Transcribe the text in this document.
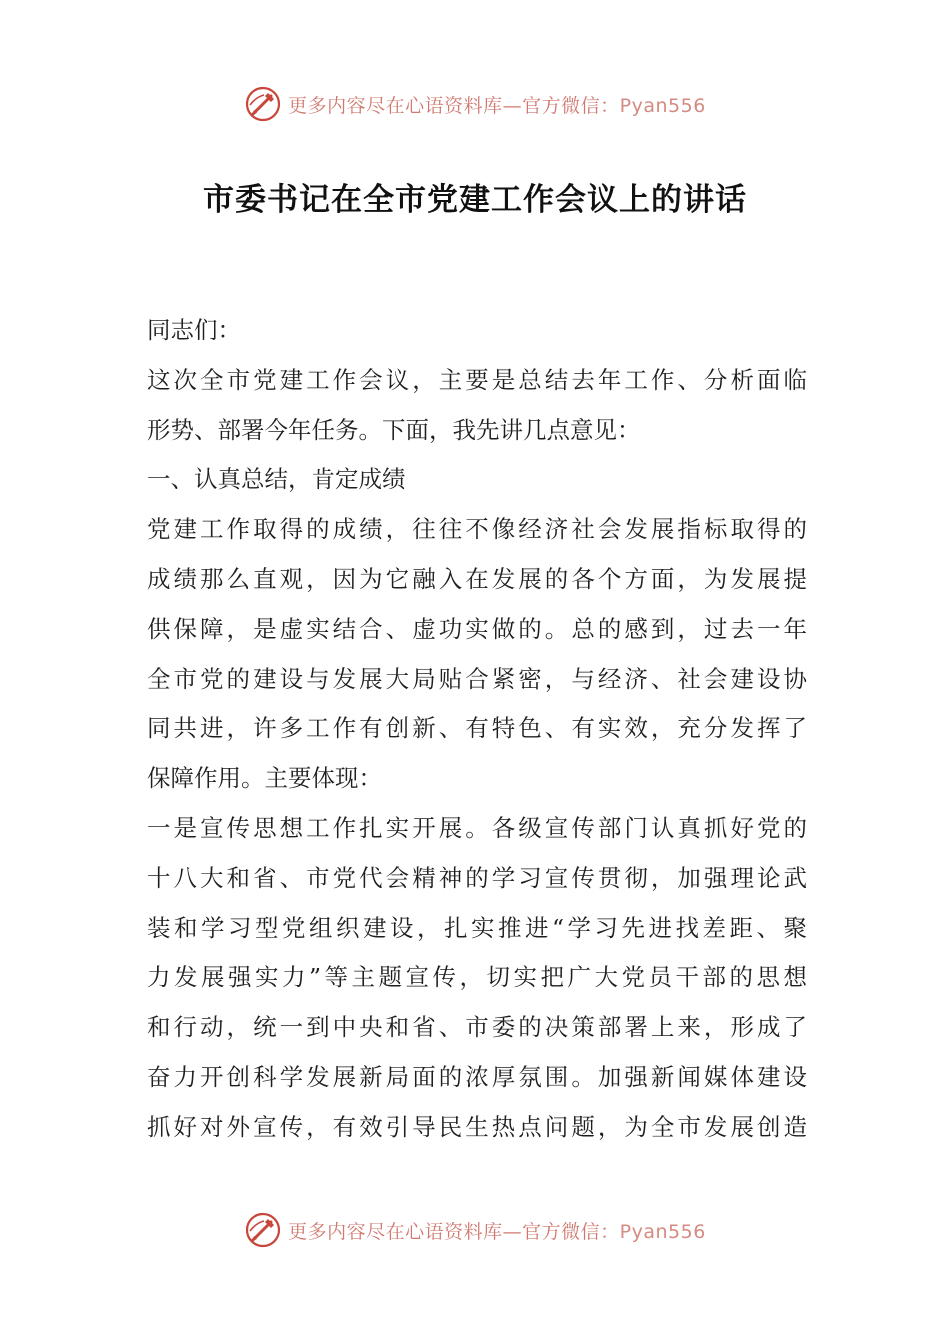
更多内容尽在心语资料库—官方微信：Pyan556
市委书记在全市党建工作会议上的讲话
同志们：
这次全市党建工作会议，主要是总结去年工作、分析面临
形势、部署今年任务。下面，我先讲几点意见：
一、认真总结，肯定成绩
党建工作取得的成绩，往往不像经济社会发展指标取得的
成绩那么直观，因为它融入在发展的各个方面，为发展提
供保障，是虚实结合、虚功实做的。总的感到，过去一年
全市党的建设与发展大局贴合紧密，与经济、社会建设协
同共进，许多工作有创新、有特色、有实效，充分发挥了
保障作用。主要体现：
一是宣传思想工作扎实开展。各级宣传部门认真抓好党的
十八大和省、市党代会精神的学习宣传贯彻，加强理论武
装和学习型党组织建设，扎实推进“学习先进找差距、聚
力发展强实力”等主题宣传，切实把广大党员干部的思想
和行动，统一到中央和省、市委的决策部署上来，形成了
奋力开创科学发展新局面的浓厚氛围。加强新闻媒体建设
抓好对外宣传，有效引导民生热点问题，为全市发展创造
更多内容尽在心语资料库—官方微信：Pyan556
